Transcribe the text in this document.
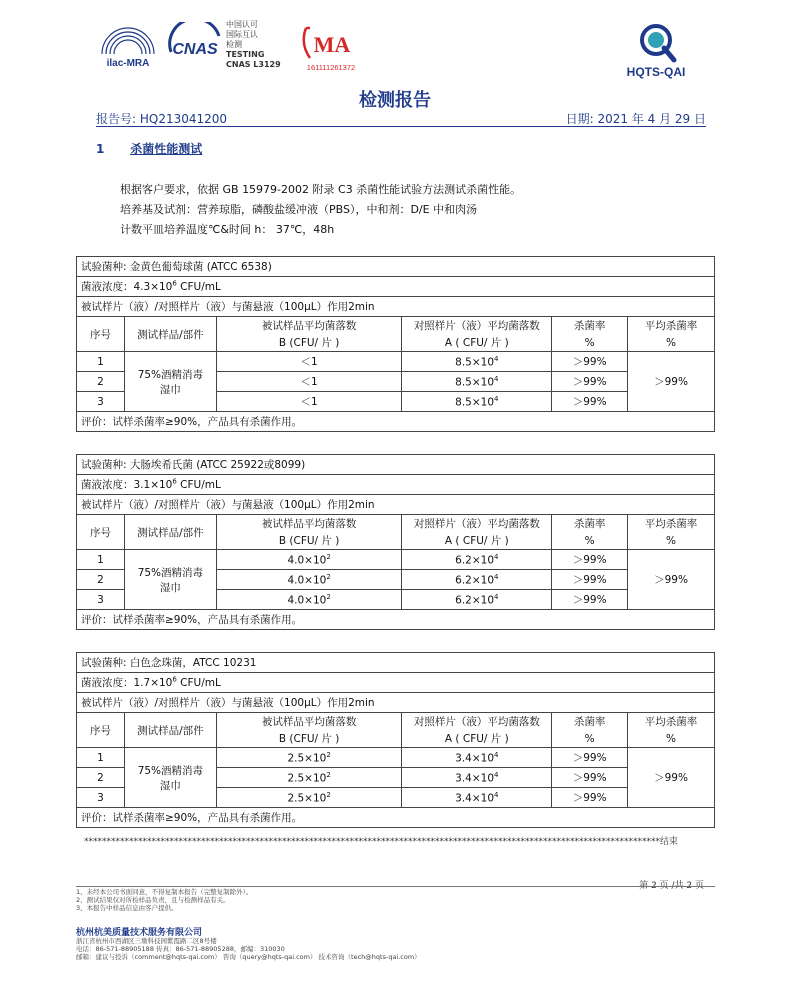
ilac-MRA
CNAS
中国认可
国际互认
检测
TESTING
CNAS L3129
MA
161111261372	HQTS-QAI
检测报告
报告号: HQ213041200	日期: 2021 年 4 月 29 日
1 杀菌性能测试
根据客户要求，依据 GB 15979-2002 附录 C3 杀菌性能试验方法测试杀菌性能。
培养基及试剂：营养琼脂，磷酸盐缓冲液（PBS），中和剂：D/E 中和肉汤
计数平皿培养温度℃&时间 h： 37℃，48h
试验菌种: 金黄色葡萄球菌 (ATCC 6538)					
菌液浓度：$4.3\times 10^6$ CFU/mL					
被试样片（液）/对照样片（液）与菌悬液（100μL）作用2min					
序号	测试样品/部件	被试样品平均菌落数	对照样片（液）平均菌落数	杀菌率	平均杀菌率
		B (CFU/ 片 )	A ( CFU/ 片 )	%	%
1	75%酒精消毒湿巾	＜1	$8.5\times 10^4$	＞99%	＞99%
2		＜1	$8.5\times 10^4$	＞99%	
3		＜1	$8.5\times 10^4$	＞99%	
评价：试样杀菌率≥90%，产品具有杀菌作用。					
试验菌种: 大肠埃希氏菌 (ATCC 25922或8099)					
菌液浓度：$3.1\times 10^6$ CFU/mL					
被试样片（液）/对照样片（液）与菌悬液（100μL）作用2min					
序号	测试样品/部件	被试样品平均菌落数	对照样片（液）平均菌落数	杀菌率	平均杀菌率
		B (CFU/ 片 )	A ( CFU/ 片 )	%	%
1	75%酒精消毒湿巾	$4.0\times 10^2$	$6.2\times 10^4$	＞99%	＞99%
2		$4.0\times 10^2$	$6.2\times 10^4$	＞99%	
3		$4.0\times 10^2$	$6.2\times 10^4$	＞99%	
评价：试样杀菌率≥90%，产品具有杀菌作用。					
试验菌种: 白色念珠菌，ATCC 10231					
菌液浓度：$1.7\times 10^6$ CFU/mL					
被试样片（液）/对照样片（液）与菌悬液（100μL）作用2min					
序号	测试样品/部件	被试样品平均菌落数	对照样片（液）平均菌落数	杀菌率	平均杀菌率
		B (CFU/ 片 )	A ( CFU/ 片 )	%	%
1	75%酒精消毒湿巾	$2.5\times 10^2$	$3.4\times 10^4$	＞99%	＞99%
2		$2.5\times 10^2$	$3.4\times 10^4$	＞99%	
3		$2.5\times 10^2$	$3.4\times 10^4$	＞99%	
评价：试样杀菌率≥90%，产品具有杀菌作用。					
********************************************************************************************************************************结束
第 2 页 /共 2 页
1、未经本公司书面同意，不得复制本报告（完整复制除外）。
2、测试结果仅对所检样品负责，且与检测样品有关。
3、本报告中样品信息由客户提供。
杭州杭美质量技术服务有限公司
浙江省杭州市西湖区三墩科技园紫霞路二区8号楼
电话：86-571-88905188 传真：86-571-88905288，邮编：310030
邮箱：建议与投诉（comment@hqts-qai.com） 咨询（query@hqts-qai.com） 技术咨询（tech@hqts-qai.com）
